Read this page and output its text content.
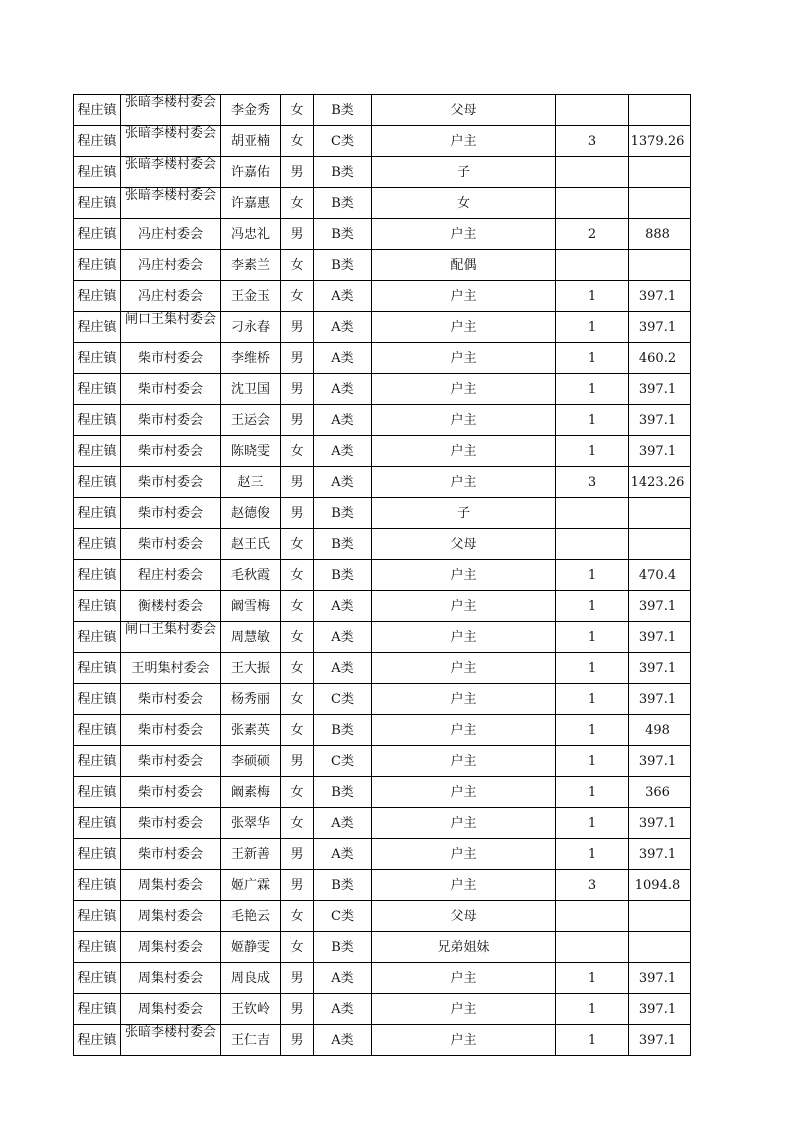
程庄镇	张暗李楼村委会	李金秀	女	B类	父母		
程庄镇	张暗李楼村委会	胡亚楠	女	C类	户主	3	1379.26
程庄镇	张暗李楼村委会	许嘉佑	男	B类	子		
程庄镇	张暗李楼村委会	许嘉惠	女	B类	女		
程庄镇	冯庄村委会	冯忠礼	男	B类	户主	2	888
程庄镇	冯庄村委会	李素兰	女	B类	配偶		
程庄镇	冯庄村委会	王金玉	女	A类	户主	1	397.1
程庄镇	闸口王集村委会	刁永春	男	A类	户主	1	397.1
程庄镇	柴市村委会	李维桥	男	A类	户主	1	460.2
程庄镇	柴市村委会	沈卫国	男	A类	户主	1	397.1
程庄镇	柴市村委会	王运会	男	A类	户主	1	397.1
程庄镇	柴市村委会	陈晓雯	女	A类	户主	1	397.1
程庄镇	柴市村委会	赵三	男	A类	户主	3	1423.26
程庄镇	柴市村委会	赵德俊	男	B类	子		
程庄镇	柴市村委会	赵王氏	女	B类	父母		
程庄镇	程庄村委会	毛秋霞	女	B类	户主	1	470.4
程庄镇	衡楼村委会	阚雪梅	女	A类	户主	1	397.1
程庄镇	闸口王集村委会	周慧敏	女	A类	户主	1	397.1
程庄镇	王明集村委会	王大振	女	A类	户主	1	397.1
程庄镇	柴市村委会	杨秀丽	女	C类	户主	1	397.1
程庄镇	柴市村委会	张素英	女	B类	户主	1	498
程庄镇	柴市村委会	李硕硕	男	C类	户主	1	397.1
程庄镇	柴市村委会	阚素梅	女	B类	户主	1	366
程庄镇	柴市村委会	张翠华	女	A类	户主	1	397.1
程庄镇	柴市村委会	王新善	男	A类	户主	1	397.1
程庄镇	周集村委会	姬广霖	男	B类	户主	3	1094.8
程庄镇	周集村委会	毛艳云	女	C类	父母		
程庄镇	周集村委会	姬静雯	女	B类	兄弟姐妹		
程庄镇	周集村委会	周良成	男	A类	户主	1	397.1
程庄镇	周集村委会	王钦岭	男	A类	户主	1	397.1
程庄镇	张暗李楼村委会	王仁吉	男	A类	户主	1	397.1
